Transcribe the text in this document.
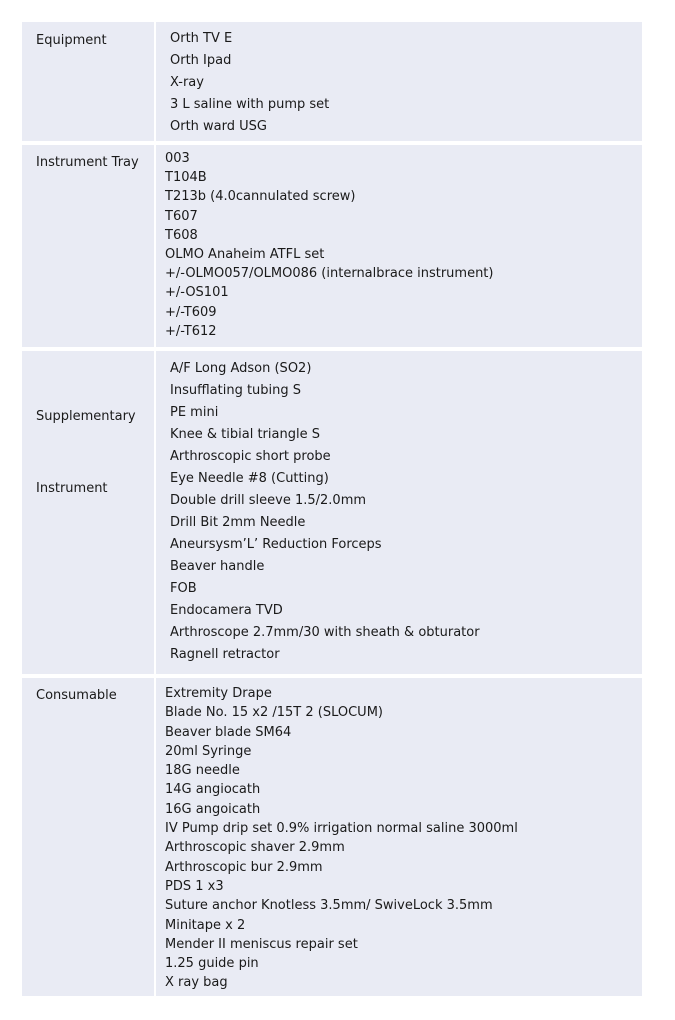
Equipment	Orth TV E
Orth Ipad
X-ray
3 L saline with pump set
Orth ward USG
Instrument Tray 003
T104B
T213b (4.0cannulated screw)
T607
T608
OLMO Anaheim ATFL set
+/-OLMO057/OLMO086 (internalbrace instrument)
+/-OS101
+/-T609
+/-T612

Supplementary

Instrument

A/F Long Adson (SO2)
Insufflating tubing S
PE mini
Knee & tibial triangle S
Arthroscopic short probe
Eye Needle #8 (Cutting)
Double drill sleeve 1.5/2.0mm
Drill Bit 2mm Needle
Aneursysm’L’ Reduction Forceps
Beaver handle
FOB
Endocamera TVD
Arthroscope 2.7mm/30 with sheath & obturator
Ragnell retractor
Consumable	Extremity Drape
Blade No. 15 x2 /15T 2 (SLOCUM)
Beaver blade SM64
20ml Syringe
18G needle
14G angiocath
16G angoicath
IV Pump drip set 0.9% irrigation normal saline 3000ml
Arthroscopic shaver 2.9mm
Arthroscopic bur 2.9mm
PDS 1 x3
Suture anchor Knotless 3.5mm/ SwiveLock 3.5mm
Minitape x 2
Mender II meniscus repair set
1.25 guide pin
X ray bag
